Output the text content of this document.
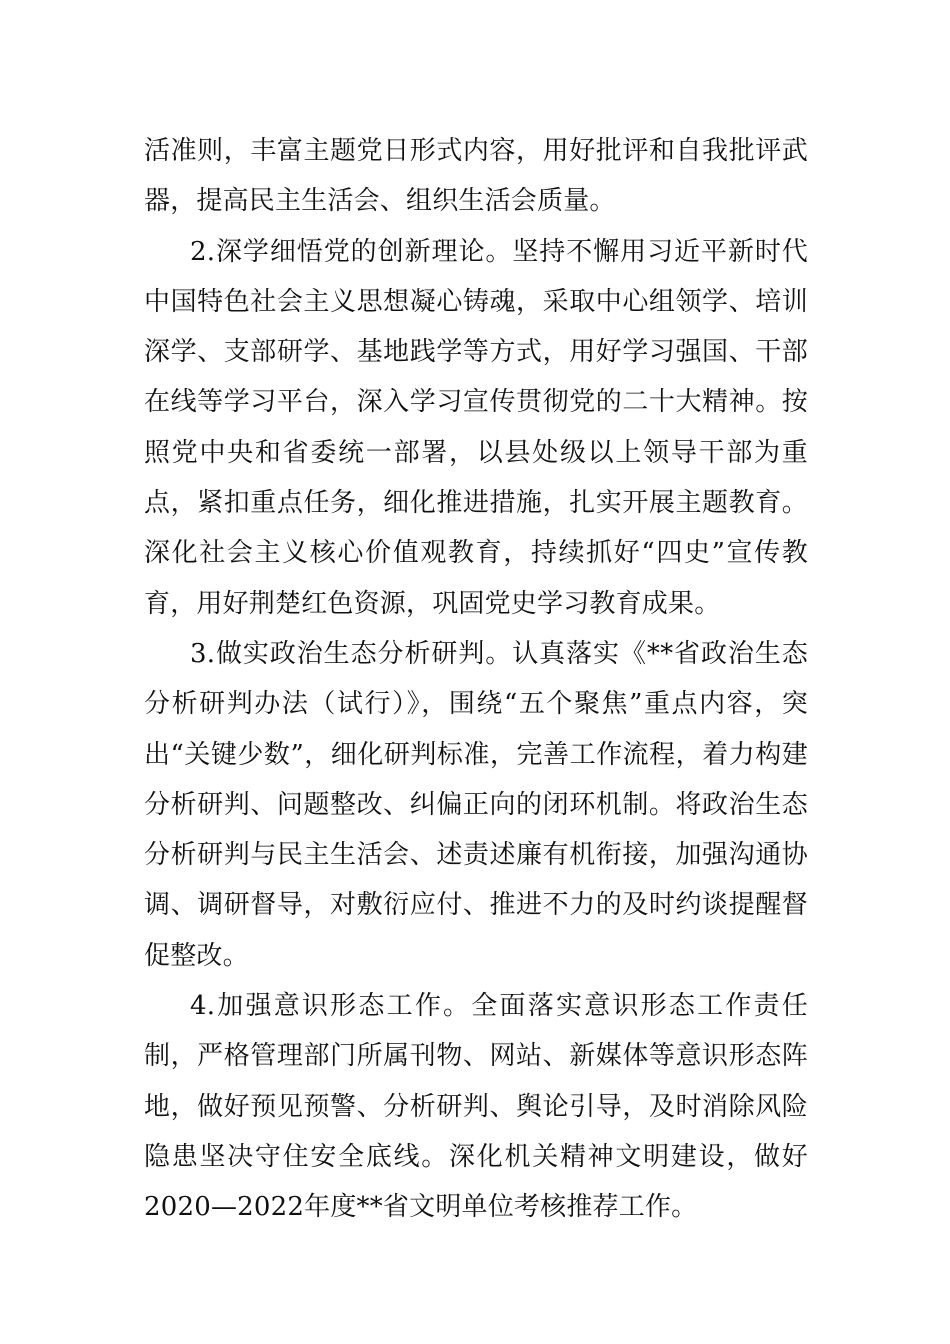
活准则，丰富主题党日形式内容，用好批评和自我批评武器，提高民主生活会、组织生活会质量。

2.深学细悟党的创新理论。坚持不懈用习近平新时代中国特色社会主义思想凝心铸魂，采取中心组领学、培训深学、支部研学、基地践学等方式，用好学习强国、干部在线等学习平台，深入学习宣传贯彻党的二十大精神。按照党中央和省委统一部署，以县处级以上领导干部为重点，紧扣重点任务，细化推进措施，扎实开展主题教育。深化社会主义核心价值观教育，持续抓好“四史”宣传教育，用好荆楚红色资源，巩固党史学习教育成果。

3.做实政治生态分析研判。认真落实《**省政治生态分析研判办法（试行）》，围绕“五个聚焦”重点内容，突出“关键少数”，细化研判标准，完善工作流程，着力构建分析研判、问题整改、纠偏正向的闭环机制。将政治生态分析研判与民主生活会、述责述廉有机衔接，加强沟通协调、调研督导，对敷衍应付、推进不力的及时约谈提醒督促整改。

4.加强意识形态工作。全面落实意识形态工作责任制，严格管理部门所属刊物、网站、新媒体等意识形态阵地，做好预见预警、分析研判、舆论引导，及时消除风险隐患坚决守住安全底线。深化机关精神文明建设，做好2020—2022年度**省文明单位考核推荐工作。
